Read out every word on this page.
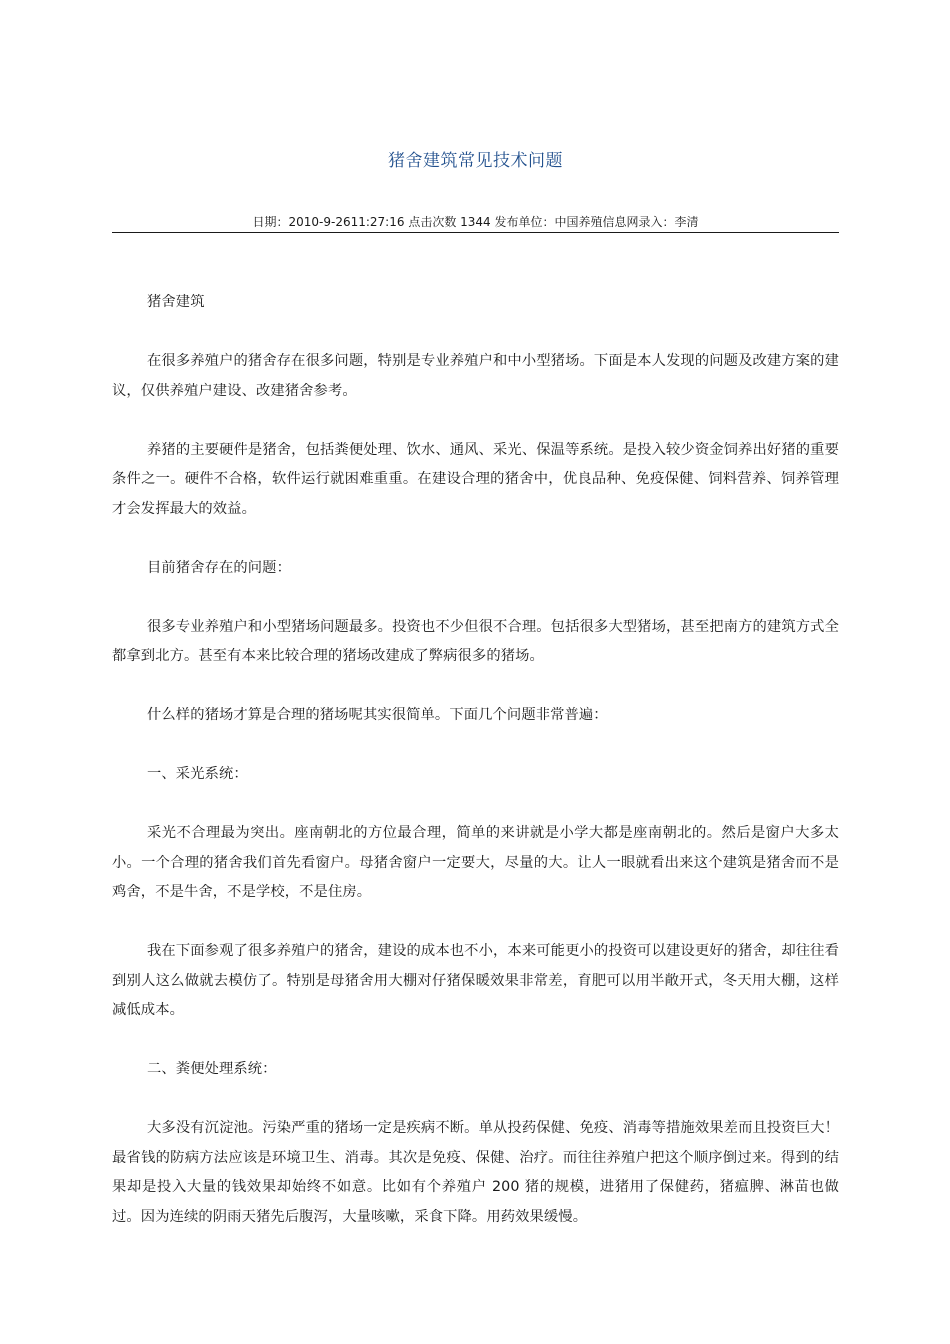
猪舍建筑常见技术问题
日期：2010-9-2611:27:16 点击次数 1344 发布单位：中国养殖信息网录入：李清

猪舍建筑

在很多养殖户的猪舍存在很多问题，特别是专业养殖户和中小型猪场。下面是本人发现的问题及改建方案的建议，仅供养殖户建设、改建猪舍参考。

养猪的主要硬件是猪舍，包括粪便处理、饮水、通风、采光、保温等系统。是投入较少资金饲养出好猪的重要条件之一。硬件不合格，软件运行就困难重重。在建设合理的猪舍中，优良品种、免疫保健、饲料营养、饲养管理才会发挥最大的效益。

目前猪舍存在的问题：

很多专业养殖户和小型猪场问题最多。投资也不少但很不合理。包括很多大型猪场，甚至把南方的建筑方式全都拿到北方。甚至有本来比较合理的猪场改建成了弊病很多的猪场。

什么样的猪场才算是合理的猪场呢其实很简单。下面几个问题非常普遍：

一、采光系统：

采光不合理最为突出。座南朝北的方位最合理，简单的来讲就是小学大都是座南朝北的。然后是窗户大多太小。一个合理的猪舍我们首先看窗户。母猪舍窗户一定要大，尽量的大。让人一眼就看出来这个建筑是猪舍而不是鸡舍，不是牛舍，不是学校，不是住房。

我在下面参观了很多养殖户的猪舍，建设的成本也不小，本来可能更小的投资可以建设更好的猪舍，却往往看到别人这么做就去模仿了。特别是母猪舍用大棚对仔猪保暖效果非常差，育肥可以用半敞开式，冬天用大棚，这样减低成本。

二、粪便处理系统：

大多没有沉淀池。污染严重的猪场一定是疾病不断。单从投药保健、免疫、消毒等措施效果差而且投资巨大！最省钱的防病方法应该是环境卫生、消毒。其次是免疫、保健、治疗。而往往养殖户把这个顺序倒过来。得到的结果却是投入大量的钱效果却始终不如意。比如有个养殖户 200 猪的规模，进猪用了保健药，猪瘟脾、淋苗也做过。因为连续的阴雨天猪先后腹泻，大量咳嗽，采食下降。用药效果缓慢。
